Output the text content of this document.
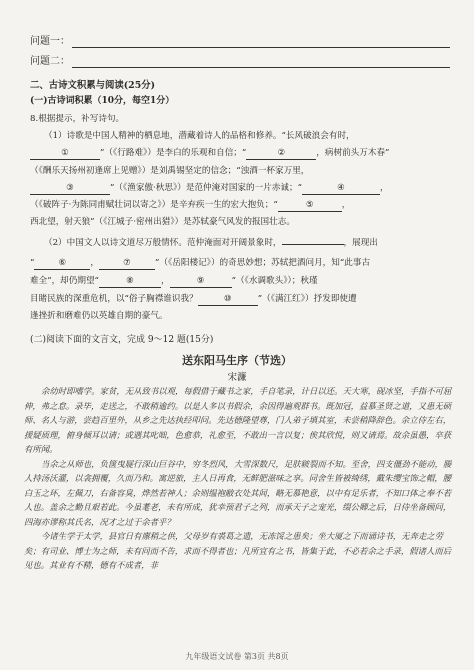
问题一：
问题二：
二、古诗文积累与阅读(25分)
(一)古诗词积累（10分，每空1分）
8.根据提示，补写诗句。
（1）诗歌是中国人精神的栖息地，潜藏着诗人的品格和修养。“长风破浪会有时，
①	”（《行路难》）是李白的乐观和自信；“	②	，病树前头万木春”
（《酬乐天扬州初逢席上见赠》）是刘禹锡坚定的信念；“浊酒一杯家万里，
③	”（《渔家傲·秋思》）是范仲淹对国家的一片赤诚；“	④	，
（《破阵子·为陈同甫赋壮词以寄之》）是辛弃疾一生的宏大抱负；“	⑤	，
西北望，射天狼”（《江城子·密州出猎》）是苏轼豪气风发的报国壮志。
（2）中国文人以诗文道尽万般情怀。范仲淹面对开阔景象时，	，展现出
“	⑥	，	⑦	”（《岳阳楼记》）的奇思妙想；苏轼把酒问月，知“此事古
难全”，却仍期望“	⑧	，	⑨	”（《水调歌头》）；秋瑾
目睹民族的深重危机，以“俗子胸襟谁识我？	⑩	”（《满江红》）抒发即使遭
逢挫折和磨难仍以英雄自期的豪气。
(二)阅读下面的文言文，完成 9～12 题(15分)
送东阳马生序（节选）
宋濂

余幼时即嗜学。家贫，无从致书以观，每假借于藏书之家，手自笔录，计日以还。天大寒，砚冰坚，手指不可屈伸，弗之怠。录毕，走送之，不敢稍逾约。以是人多以书假余，余因得遍观群书。既加冠，益慕圣贤之道，又患无硕师、名人与游，尝趋百里外，从乡之先达执经叩问。先达德隆望尊，门人弟子填其室，未尝稍降辞色。余立侍左右，援疑质理，俯身倾耳以请；或遇其叱咄，色愈恭，礼愈至，不敢出一言以复；俟其欣悦，则又请焉。故余虽愚，卒获有所闻。

当余之从师也，负箧曳屣行深山巨谷中，穷冬烈风，大雪深数尺，足肤皲裂而不知。至舍，四支僵劲不能动，媵人持汤沃灌，以衾拥覆，久而乃和。寓逆旅，主人日再食，无鲜肥滋味之享。同舍生皆被绮绣，戴朱缨宝饰之帽，腰白玉之环，左佩刀，右备容臭，烨然若神人；余则缊袍敝衣处其间，略无慕艳意，以中有足乐者，不知口体之奉不若人也。盖余之勤且艰若此。今虽耄老，未有所成，犹幸预君子之列，而承天子之宠光，缀公卿之后，日侍坐备顾问，四海亦谬称其氏名，况才之过于余者乎？

今诸生学于太学，县官日有廪稍之供，父母岁有裘葛之遗，无冻馁之患矣；坐大厦之下而诵诗书，无奔走之劳矣；有司业、博士为之师，未有问而不告，求而不得者也；凡所宜有之书，皆集于此，不必若余之手录，假诸人而后见也。其业有不精，德有不成者，非

九年级语文试卷 第3页 共8页
